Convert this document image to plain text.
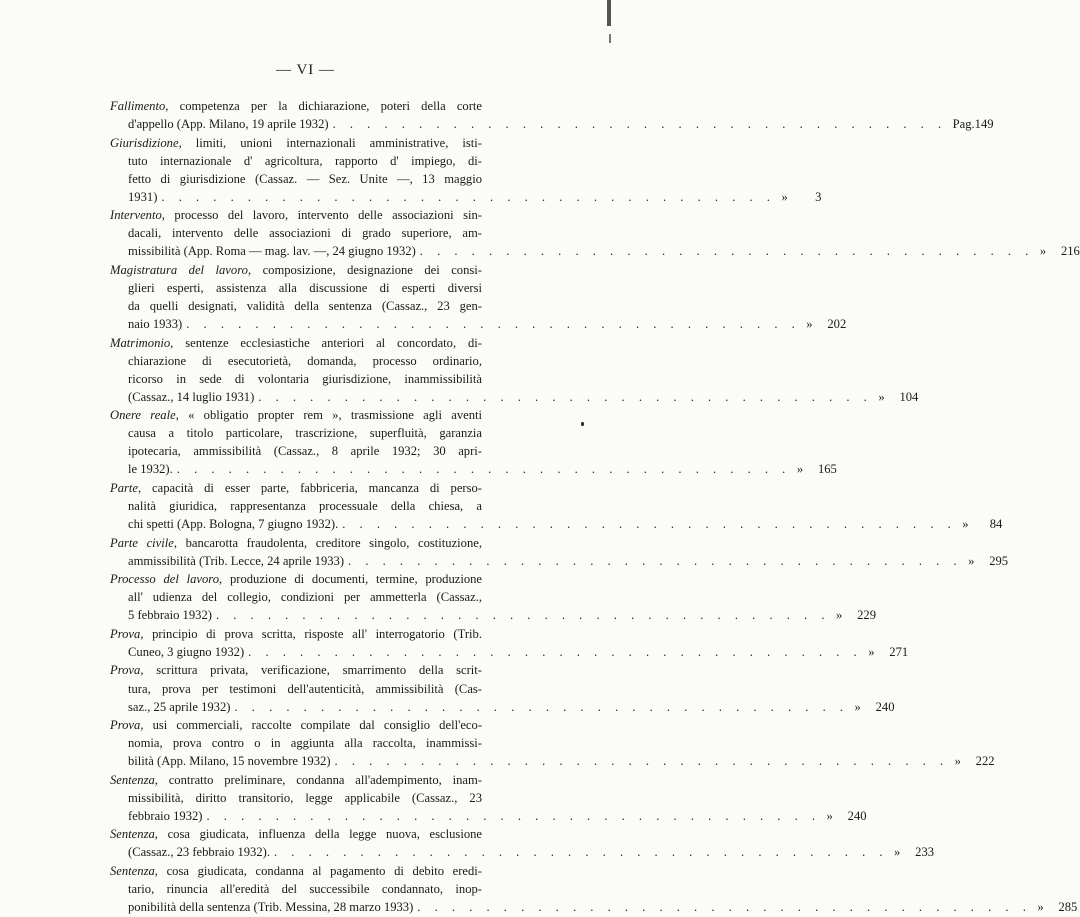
— VI —
Fallimento, competenza per la dichiarazione, poteri della corte
d'appello (App. Milano, 19 aprile 1932) . . . . . . . . . . . . . . . . . . . . . . . . . . . . . . . . . . . . Pag. 149
Giurisdizione, limiti, unioni internazionali amministrative, isti-
tuto internazionale d' agricoltura, rapporto d' impiego, di-
fetto di giurisdizione (Cassaz. — Sez. Unite —, 13 maggio
1931) . . . . . . . . . . . . . . . . . . . . . . . . . . . . . . . . . . . . »	3
Intervento, processo del lavoro, intervento delle associazioni sin-
dacali, intervento delle associazioni di grado superiore, am-
missibilità (App. Roma — mag. lav. —, 24 giugno 1932) . . . . . . . . . . . . . . . . . . . . . . . . . . . . . . . . . . . . »	216
Magistratura del lavoro, composizione, designazione dei consi-
glieri esperti, assistenza alla discussione di esperti diversi
da quelli designati, validità della sentenza (Cassaz., 23 gen-
naio 1933) . . . . . . . . . . . . . . . . . . . . . . . . . . . . . . . . . . . . »	202
Matrimonio, sentenze ecclesiastiche anteriori al concordato, di-
chiarazione di esecutorietà, domanda, processo ordinario,
ricorso in sede di volontaria giurisdizione, inammissibilità
(Cassaz., 14 luglio 1931) . . . . . . . . . . . . . . . . . . . . . . . . . . . . . . . . . . . . »	104
Onere reale, « obligatio propter rem », trasmissione agli aventi
causa a titolo particolare, trascrizione, superfluità, garanzia
ipotecaria, ammissibilità (Cassaz., 8 aprile 1932; 30 apri-
le 1932). . . . . . . . . . . . . . . . . . . . . . . . . . . . . . . . . . . . . »	165
Parte, capacità di esser parte, fabbriceria, mancanza di perso-
nalità giuridica, rappresentanza processuale della chiesa, a
chi spetti (App. Bologna, 7 giugno 1932). . . . . . . . . . . . . . . . . . . . . . . . . . . . . . . . . . . . . »	84
Parte civile, bancarotta fraudolenta, creditore singolo, costituzione,
ammissibilità (Trib. Lecce, 24 aprile 1933) . . . . . . . . . . . . . . . . . . . . . . . . . . . . . . . . . . . . »	295
Processo del lavoro, produzione di documenti, termine, produzione
all' udienza del collegio, condizioni per ammetterla (Cassaz.,
5 febbraio 1932) . . . . . . . . . . . . . . . . . . . . . . . . . . . . . . . . . . . . »	229
Prova, principio di prova scritta, risposte all' interrogatorio (Trib.
Cuneo, 3 giugno 1932) . . . . . . . . . . . . . . . . . . . . . . . . . . . . . . . . . . . . »	271
Prova, scrittura privata, verificazione, smarrimento della scrit-
tura, prova per testimoni dell'autenticità, ammissibilità (Cas-
saz., 25 aprile 1932) . . . . . . . . . . . . . . . . . . . . . . . . . . . . . . . . . . . . »	240
Prova, usi commerciali, raccolte compilate dal consiglio dell'eco-
nomia, prova contro o in aggiunta alla raccolta, inammissi-
bilità (App. Milano, 15 novembre 1932) . . . . . . . . . . . . . . . . . . . . . . . . . . . . . . . . . . . . »	222
Sentenza, contratto preliminare, condanna all'adempimento, inam-
missibilità, diritto transitorio, legge applicabile (Cassaz., 23
febbraio 1932) . . . . . . . . . . . . . . . . . . . . . . . . . . . . . . . . . . . . »	240
Sentenza, cosa giudicata, influenza della legge nuova, esclusione
(Cassaz., 23 febbraio 1932). . . . . . . . . . . . . . . . . . . . . . . . . . . . . . . . . . . . . »	233
Sentenza, cosa giudicata, condanna al pagamento di debito eredi-
tario, rinuncia all'eredità del successibile condannato, inop-
ponibilità della sentenza (Trib. Messina, 28 marzo 1933) . . . . . . . . . . . . . . . . . . . . . . . . . . . . . . . . . . . . »	285
